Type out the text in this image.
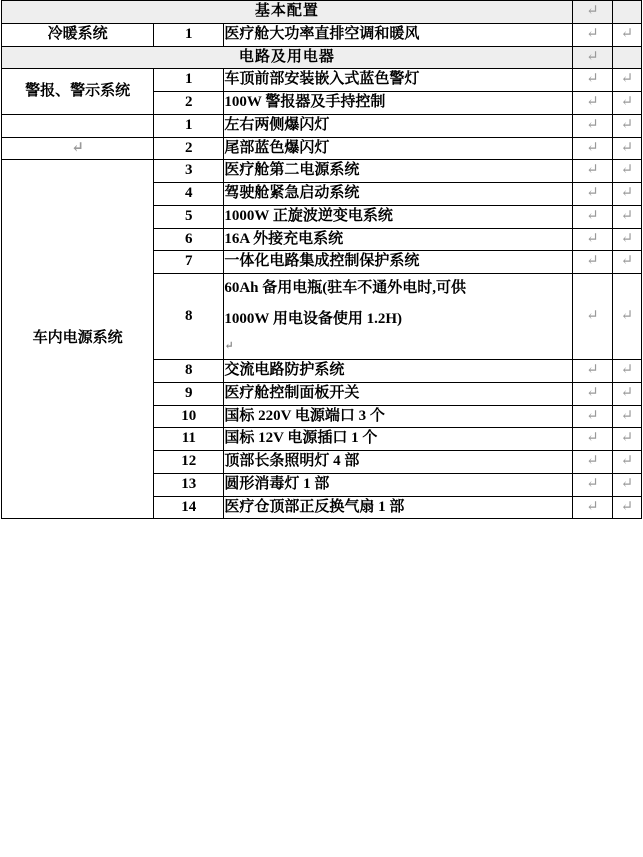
基本配置			↵	
冷暖系统	1	医疗舱大功率直排空调和暖风	↵	↵
电路及用电器			↵	
警报、警示系统	1	车顶前部安装嵌入式蓝色警灯	↵	↵
	2	100W 警报器及手持控制	↵	↵
	1	左右两侧爆闪灯	↵	↵
↵	2	尾部蓝色爆闪灯	↵	↵
车内电源系统	3	医疗舱第二电源系统	↵	↵
	4	驾驶舱紧急启动系统	↵	↵
	5	1000W 正旋波逆变电系统	↵	↵
	6	16A 外接充电系统	↵	↵
	7	一体化电路集成控制保护系统	↵	↵
	8	60Ah 备用电瓶(驻车不通外电时,可供
1000W 用电设备使用 1.2H)
↵	↵	↵
	8	交流电路防护系统	↵	↵
	9	医疗舱控制面板开关	↵	↵
	10	国标 220V 电源端口 3 个	↵	↵
	11	国标 12V 电源插口 1 个	↵	↵
	12	顶部长条照明灯 4 部	↵	↵
	13	圆形消毒灯 1 部	↵	↵
	14	医疗仓顶部正反换气扇 1 部	↵	↵
